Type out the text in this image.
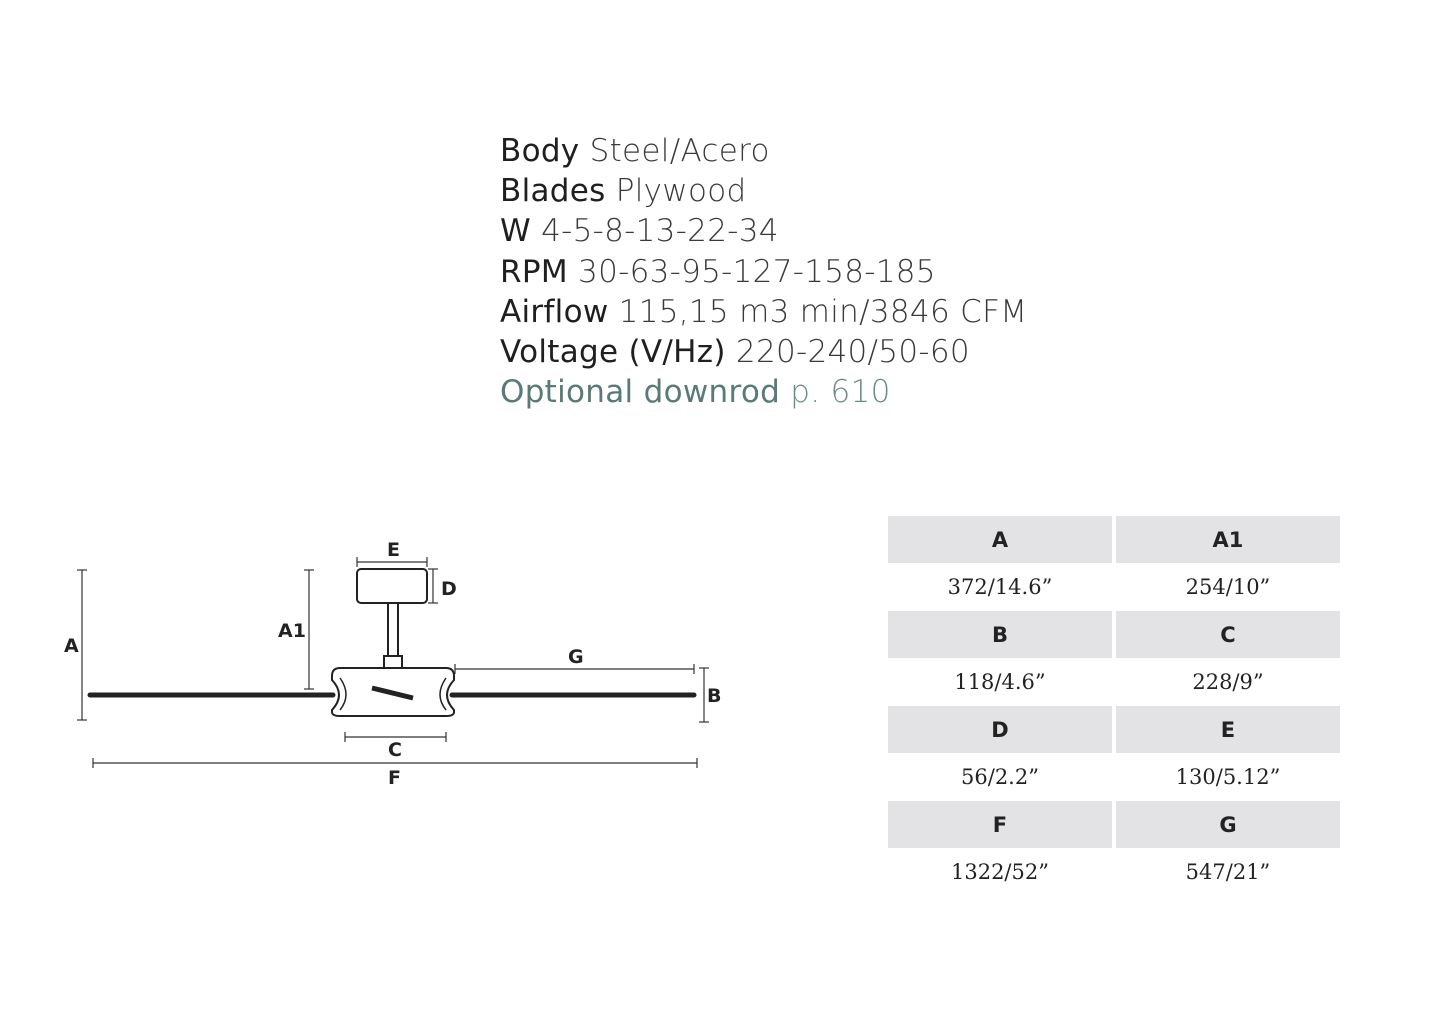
Body Steel/Acero
Blades Plywood
W 4-5-8-13-22-34
RPM 30-63-95-127-158-185
Airflow 115,15 m3 min/3846 CFM
Voltage (V/Hz) 220-240/50-60
Optional downrod p. 610
A
A1
E
D
G
B
C
F
A	A1
372/14.6”	254/10”
B	C
118/4.6”	228/9”
D	E
56/2.2”	130/5.12”
F	G
1322/52”	547/21”
